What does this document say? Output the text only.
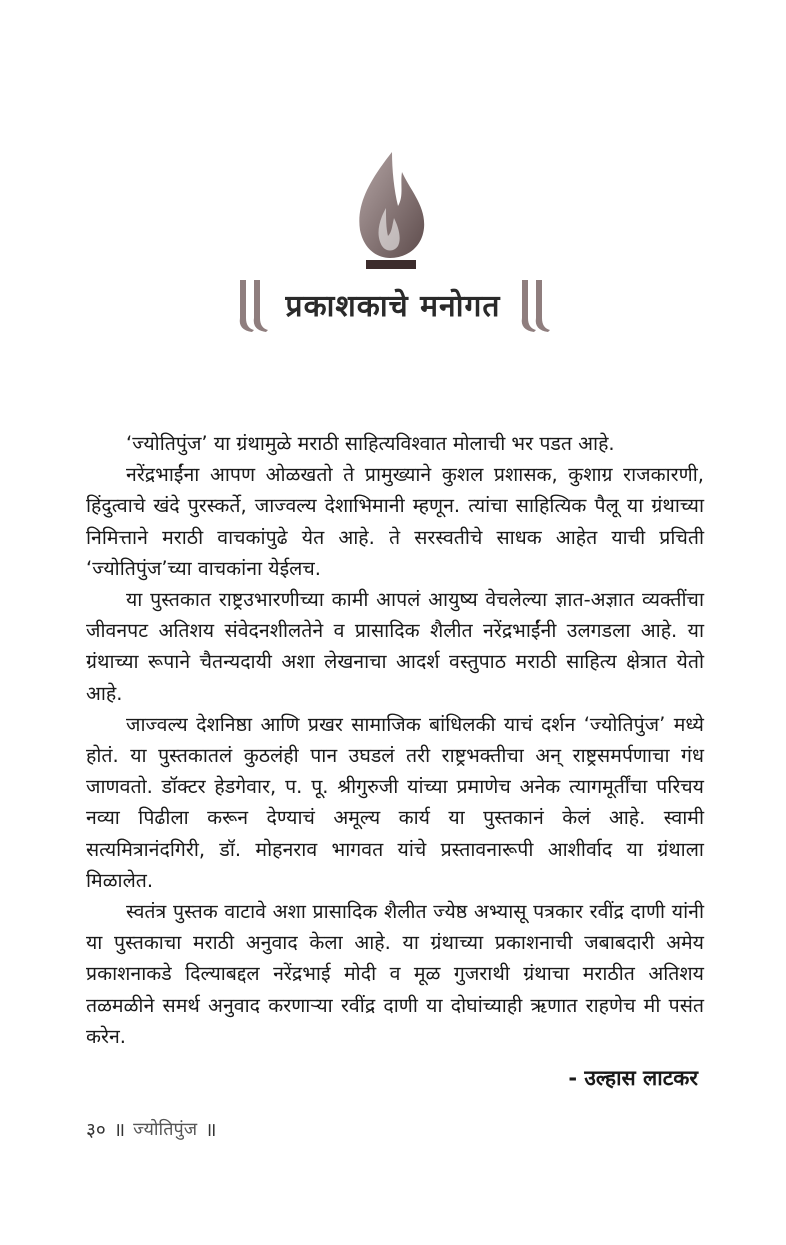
प्रकाशकाचे मनोगत

‘ज्योतिपुंज’ या ग्रंथामुळे मराठी साहित्यविश्वात मोलाची भर पडत आहे.

नरेंद्रभाईंना आपण ओळखतो ते प्रामुख्याने कुशल प्रशासक, कुशाग्र राजकारणी, हिंदुत्वाचे खंदे पुरस्कर्ते, जाज्वल्य देशाभिमानी म्हणून. त्यांचा साहित्यिक पैलू या ग्रंथाच्या निमित्ताने मराठी वाचकांपुढे येत आहे. ते सरस्वतीचे साधक आहेत याची प्रचिती ‘ज्योतिपुंज’च्या वाचकांना येईलच.

या पुस्तकात राष्ट्रउभारणीच्या कामी आपलं आयुष्य वेचलेल्या ज्ञात-अज्ञात व्यक्तींचा जीवनपट अतिशय संवेदनशीलतेने व प्रासादिक शैलीत नरेंद्रभाईंनी उलगडला आहे. या ग्रंथाच्या रूपाने चैतन्यदायी अशा लेखनाचा आदर्श वस्तुपाठ मराठी साहित्य क्षेत्रात येतो आहे.

जाज्वल्य देशनिष्ठा आणि प्रखर सामाजिक बांधिलकी याचं दर्शन ‘ज्योतिपुंज’ मध्ये होतं. या पुस्तकातलं कुठलंही पान उघडलं तरी राष्ट्रभक्तीचा अन् राष्ट्रसमर्पणाचा गंध जाणवतो. डॉक्टर हेडगेवार, प. पू. श्रीगुरुजी यांच्या प्रमाणेच अनेक त्यागमूर्तींचा परिचय नव्या पिढीला करून देण्याचं अमूल्य कार्य या पुस्तकानं केलं आहे. स्वामी सत्यमित्रानंदगिरी, डॉ. मोहनराव भागवत यांचे प्रस्तावनारूपी आशीर्वाद या ग्रंथाला मिळालेत.

स्वतंत्र पुस्तक वाटावे अशा प्रासादिक शैलीत ज्येष्ठ अभ्यासू पत्रकार रवींद्र दाणी यांनी या पुस्तकाचा मराठी अनुवाद केला आहे. या ग्रंथाच्या प्रकाशनाची जबाबदारी अमेय प्रकाशनाकडे दिल्याबद्दल नरेंद्रभाई मोदी व मूळ गुजराथी ग्रंथाचा मराठीत अतिशय तळमळीने समर्थ अनुवाद करणाऱ्या रवींद्र दाणी या दोघांच्याही ऋणात राहणेच मी पसंत करेन.

- उल्हास लाटकर
३० ॥ ज्योतिपुंज ॥
